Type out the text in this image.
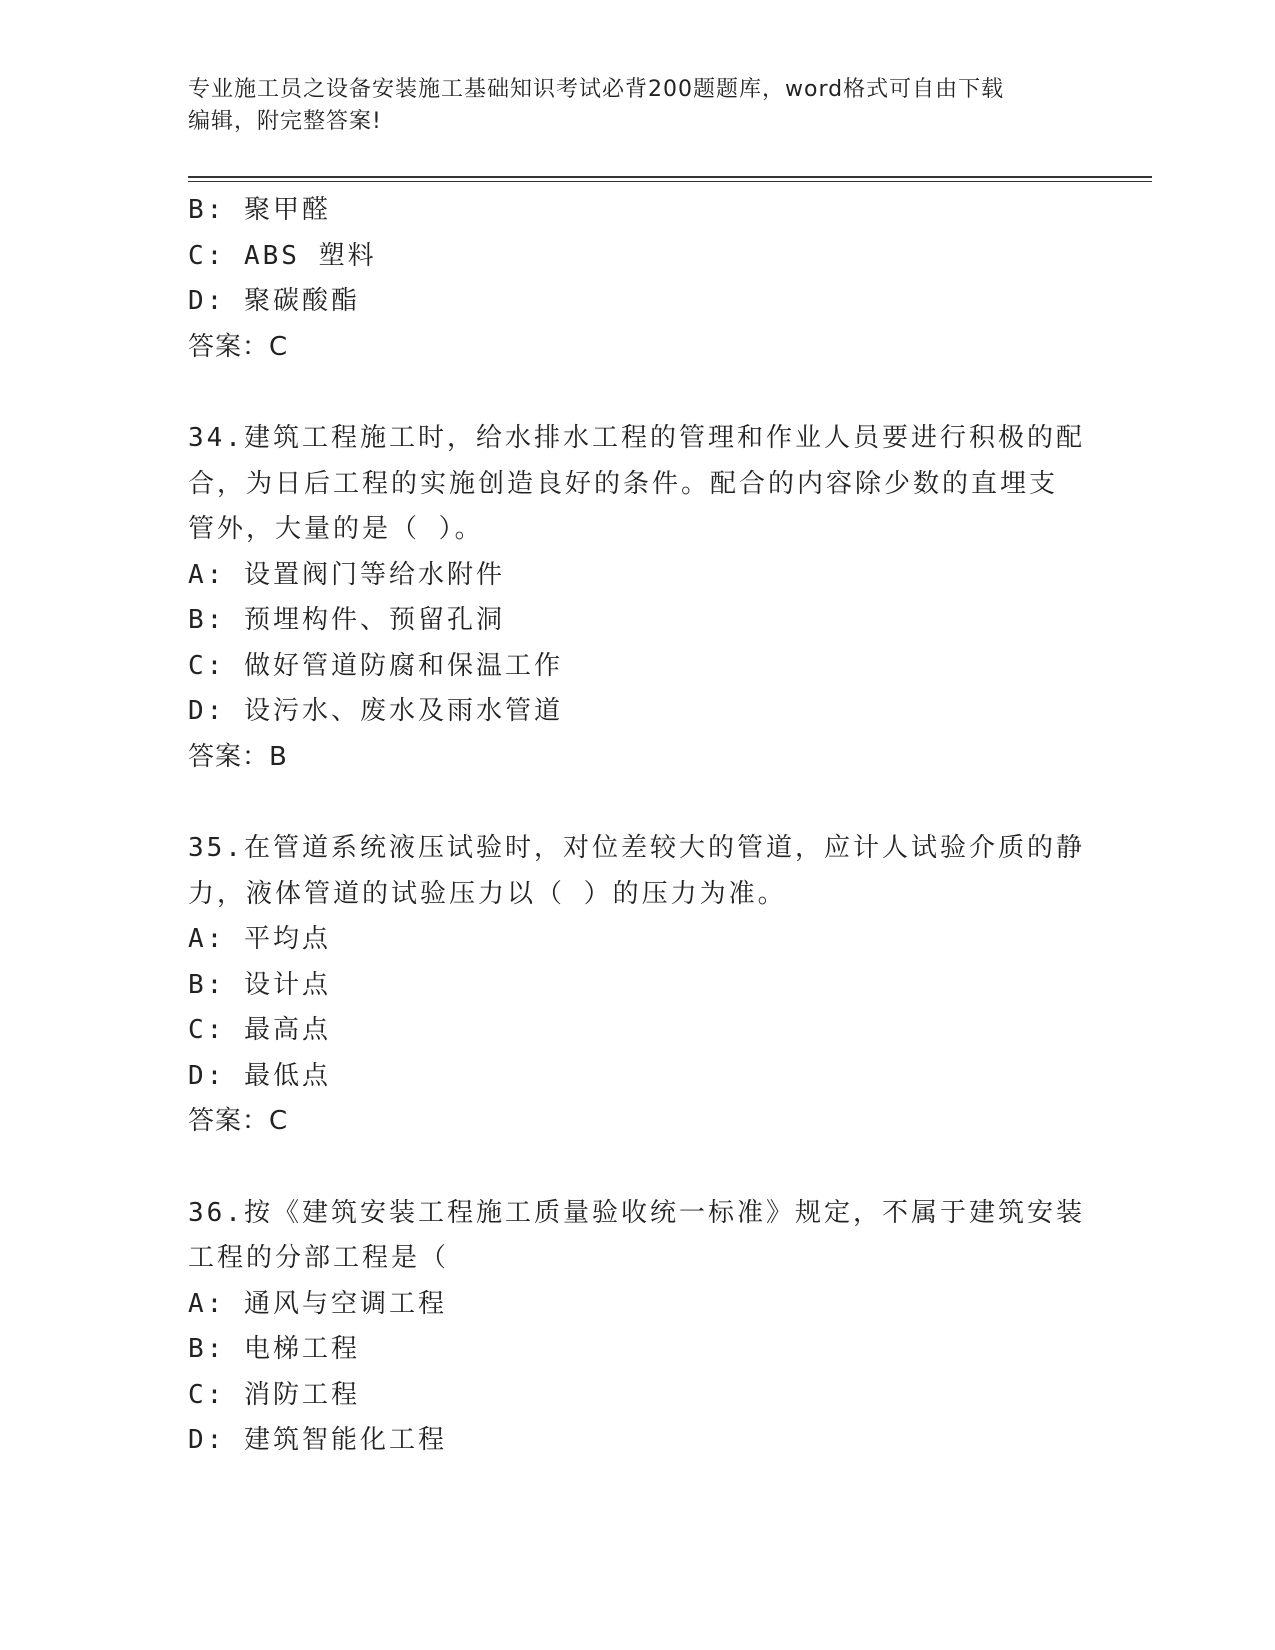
专业施工员之设备安装施工基础知识考试必背200题题库，word格式可自由下载
编辑，附完整答案!
B: 聚甲醛
C: ABS 塑料
D: 聚碳酸酯
答案：C
34.建筑工程施工时，给水排水工程的管理和作业人员要进行积极的配
合，为日后工程的实施创造良好的条件。配合的内容除少数的直埋支
管外，大量的是（ ）。
A: 设置阀门等给水附件
B: 预埋构件、预留孔洞
C: 做好管道防腐和保温工作
D: 设污水、废水及雨水管道
答案：B
35.在管道系统液压试验时，对位差较大的管道，应计人试验介质的静
力，液体管道的试验压力以（ ）的压力为准。
A: 平均点
B: 设计点
C: 最高点
D: 最低点
答案：C
36.按《建筑安装工程施工质量验收统一标准》规定，不属于建筑安装
工程的分部工程是（
A: 通风与空调工程
B: 电梯工程
C: 消防工程
D: 建筑智能化工程
